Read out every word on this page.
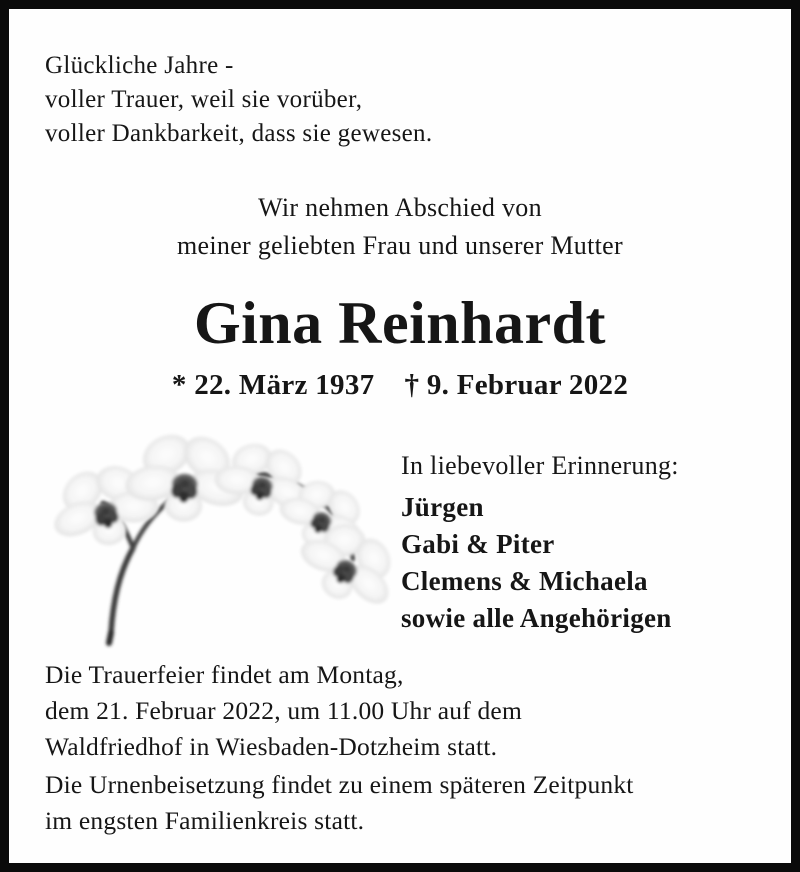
Glückliche Jahre -
voller Trauer, weil sie vorüber,
voller Dankbarkeit, dass sie gewesen.
Wir nehmen Abschied von
meiner geliebten Frau und unserer Mutter
Gina Reinhardt
* 22. März 1937 † 9. Februar 2022
In liebevoller Erinnerung:
Jürgen
Gabi & Piter
Clemens & Michaela
sowie alle Angehörigen
Die Trauerfeier findet am Montag,
dem 21. Februar 2022, um 11.00 Uhr auf dem
Waldfriedhof in Wiesbaden-Dotzheim statt.
Die Urnenbeisetzung findet zu einem späteren Zeitpunkt
im engsten Familienkreis statt.
